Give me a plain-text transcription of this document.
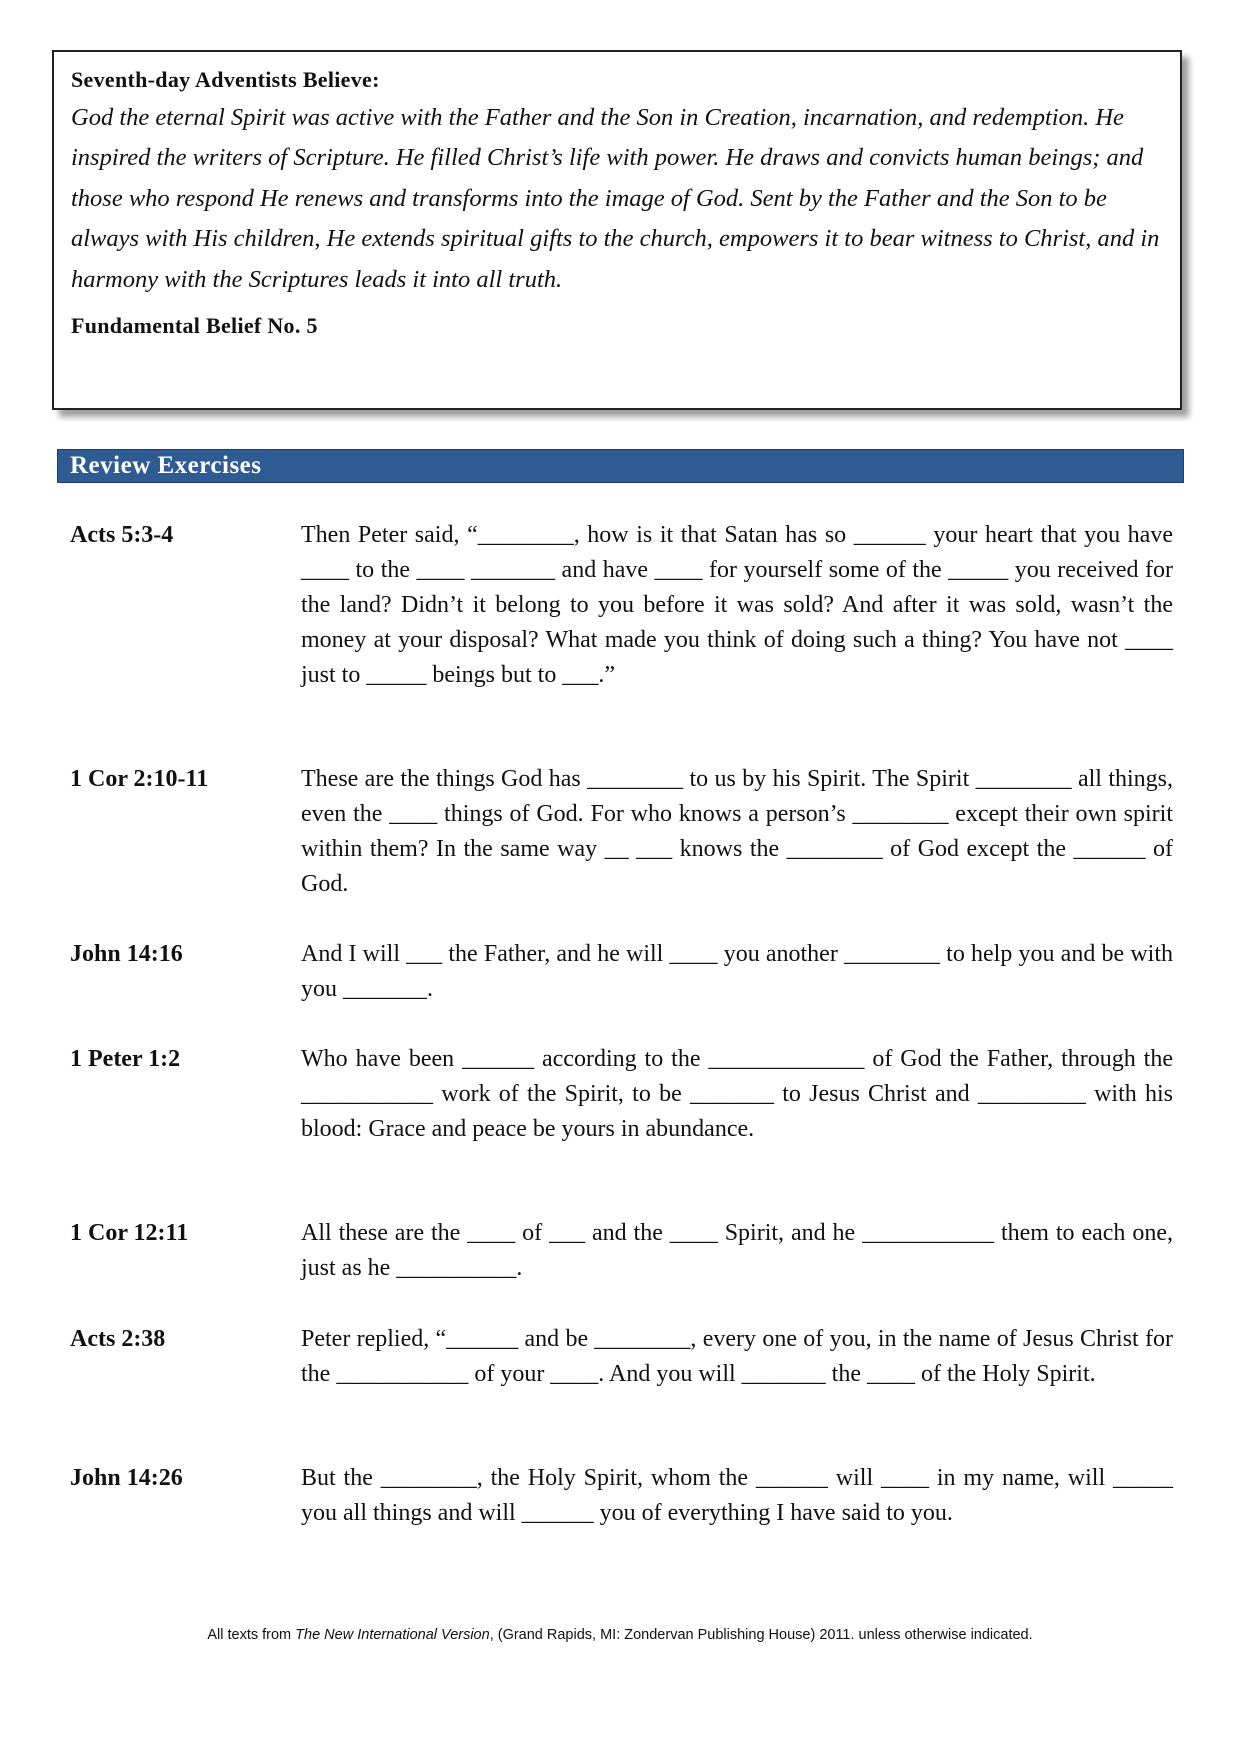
Seventh-day Adventists Believe:

God the eternal Spirit was active with the Father and the Son in Creation, incarnation, and redemption. He inspired the writers of Scripture. He filled Christ’s life with power. He draws and convicts human beings; and those who respond He renews and transforms into the image of God. Sent by the Father and the Son to be always with His children, He extends spiritual gifts to the church, empowers it to bear witness to Christ, and in harmony with the Scriptures leads it into all truth.

Fundamental Belief No. 5
Review Exercises
Acts 5:3-4	Then Peter said, “________, how is it that Satan has so ______ your heart that you have ____ to the ____ _______ and have ____ for yourself some of the _____ you received for the land? Didn’t it belong to you before it was sold? And after it was sold, wasn’t the money at your disposal? What made you think of doing such a thing? You have not ____ just to _____ beings but to ___.”
1 Cor 2:10-11	These are the things God has ________ to us by his Spirit. The Spirit ________ all things, even the ____ things of God. For who knows a person’s ________ except their own spirit within them? In the same way __ ___ knows the ________ of God except the ______ of God.
John 14:16	And I will ___ the Father, and he will ____ you another ________ to help you and be with you _______.
1 Peter 1:2	Who have been ______ according to the _____________ of God the Father, through the ___________ work of the Spirit, to be _______ to Jesus Christ and _________ with his blood: Grace and peace be yours in abundance.
1 Cor 12:11	All these are the ____ of ___ and the ____ Spirit, and he ___________ them to each one, just as he __________.
Acts 2:38	Peter replied, “______ and be ________, every one of you, in the name of Jesus Christ for the ___________ of your ____. And you will _______ the ____ of the Holy Spirit.
John 14:26	But the ________, the Holy Spirit, whom the ______ will ____ in my name, will _____ you all things and will ______ you of everything I have said to you.
All texts from The New International Version, (Grand Rapids, MI: Zondervan Publishing House) 2011. unless otherwise indicated.
